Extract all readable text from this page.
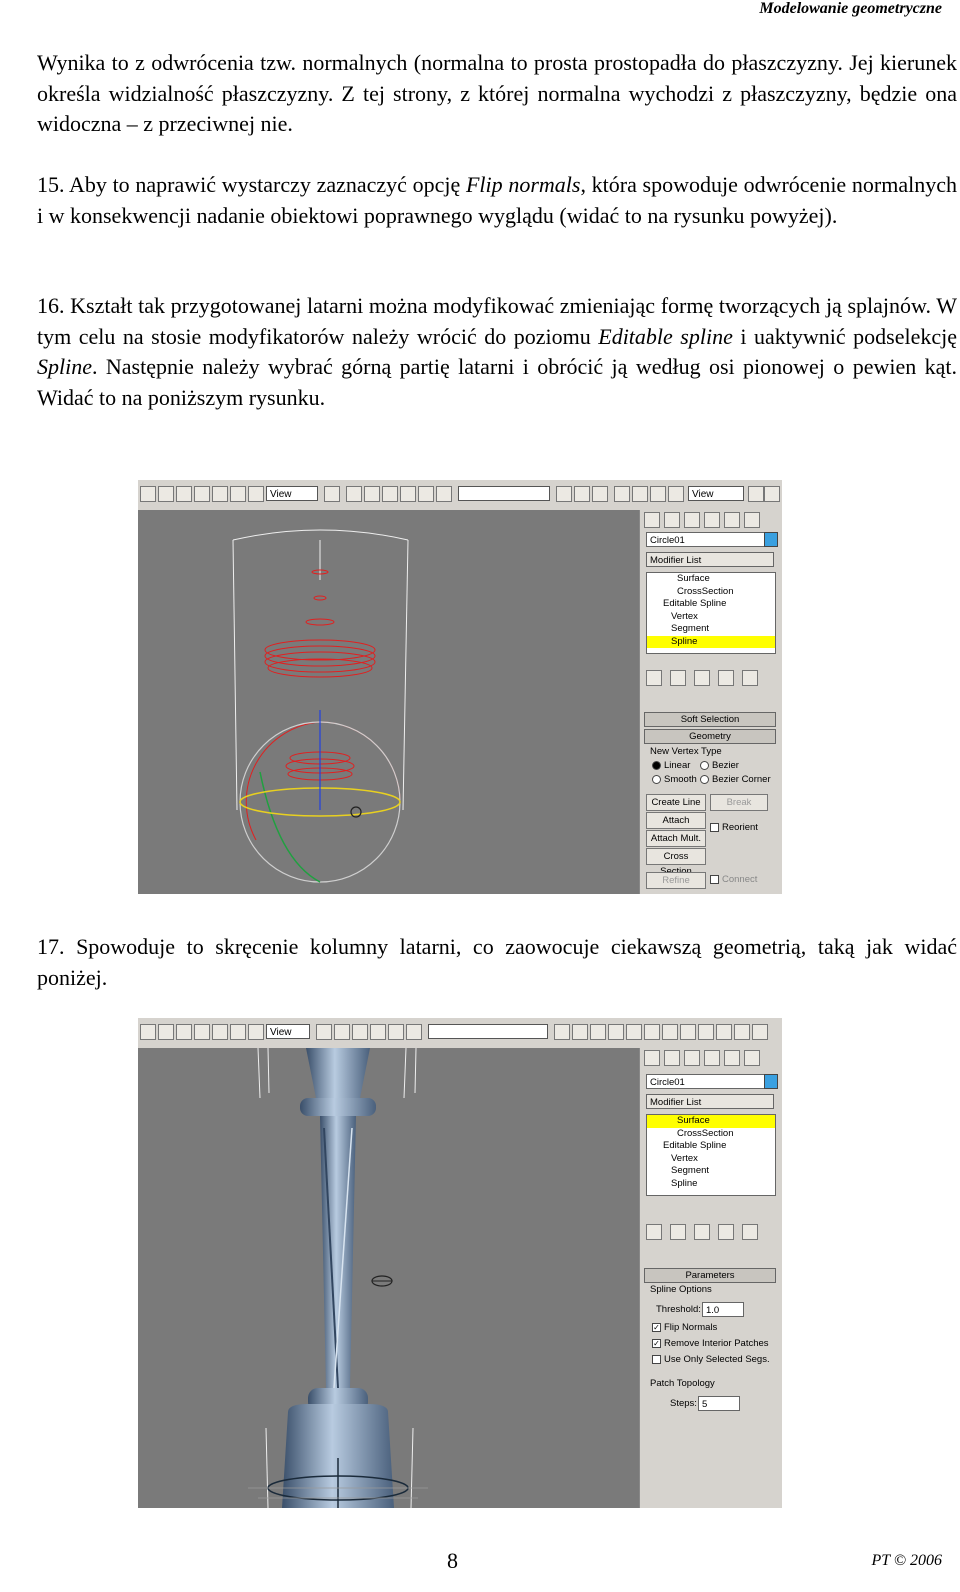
Modelowanie geometryczne

Wynika to z odwrócenia tzw. normalnych (normalna to prosta prostopadła do płaszczyzny. Jej kierunek określa widzialność płaszczyzny. Z tej strony, z której normalna wychodzi z płaszczyzny, będzie ona widoczna – z przeciwnej nie.

15. Aby to naprawić wystarczy zaznaczyć opcję Flip normals, która spowoduje odwrócenie normalnych i w konsekwencji nadanie obiektowi poprawnego wyglądu (widać to na rysunku powyżej).

16. Kształt tak przygotowanej latarni można modyfikować zmieniając formę tworzących ją splajnów. W tym celu na stosie modyfikatorów należy wrócić do poziomu Editable spline i uaktywnić podselekcję Spline. Następnie należy wybrać górną partię latarni i obrócić ją według osi pionowej o pewien kąt. Widać to na poniższym rysunku.

View	View
Circle01
Modifier List
Surface
CrossSection
Editable Spline
Vertex
Segment
Spline
Soft Selection
Geometry
New Vertex Type
Linear	Bezier
Smooth	Bezier Corner
Create Line	Break
Attach
Attach Mult.
Reorient
Cross
Refine	Connect

17. Spowoduje to skręcenie kolumny latarni, co zaowocuje ciekawszą geometrią, taką jak widać poniżej.

View
Circle01
Modifier List
Surface
CrossSection
Editable Spline
Vertex
Segment
Spline
Parameters
Spline Options
Threshold: 1.0
✓ Flip Normals
✓ Remove Interior Patches
Use Only Selected Segs.
Patch Topology
Steps: 5
8	PT © 2006
